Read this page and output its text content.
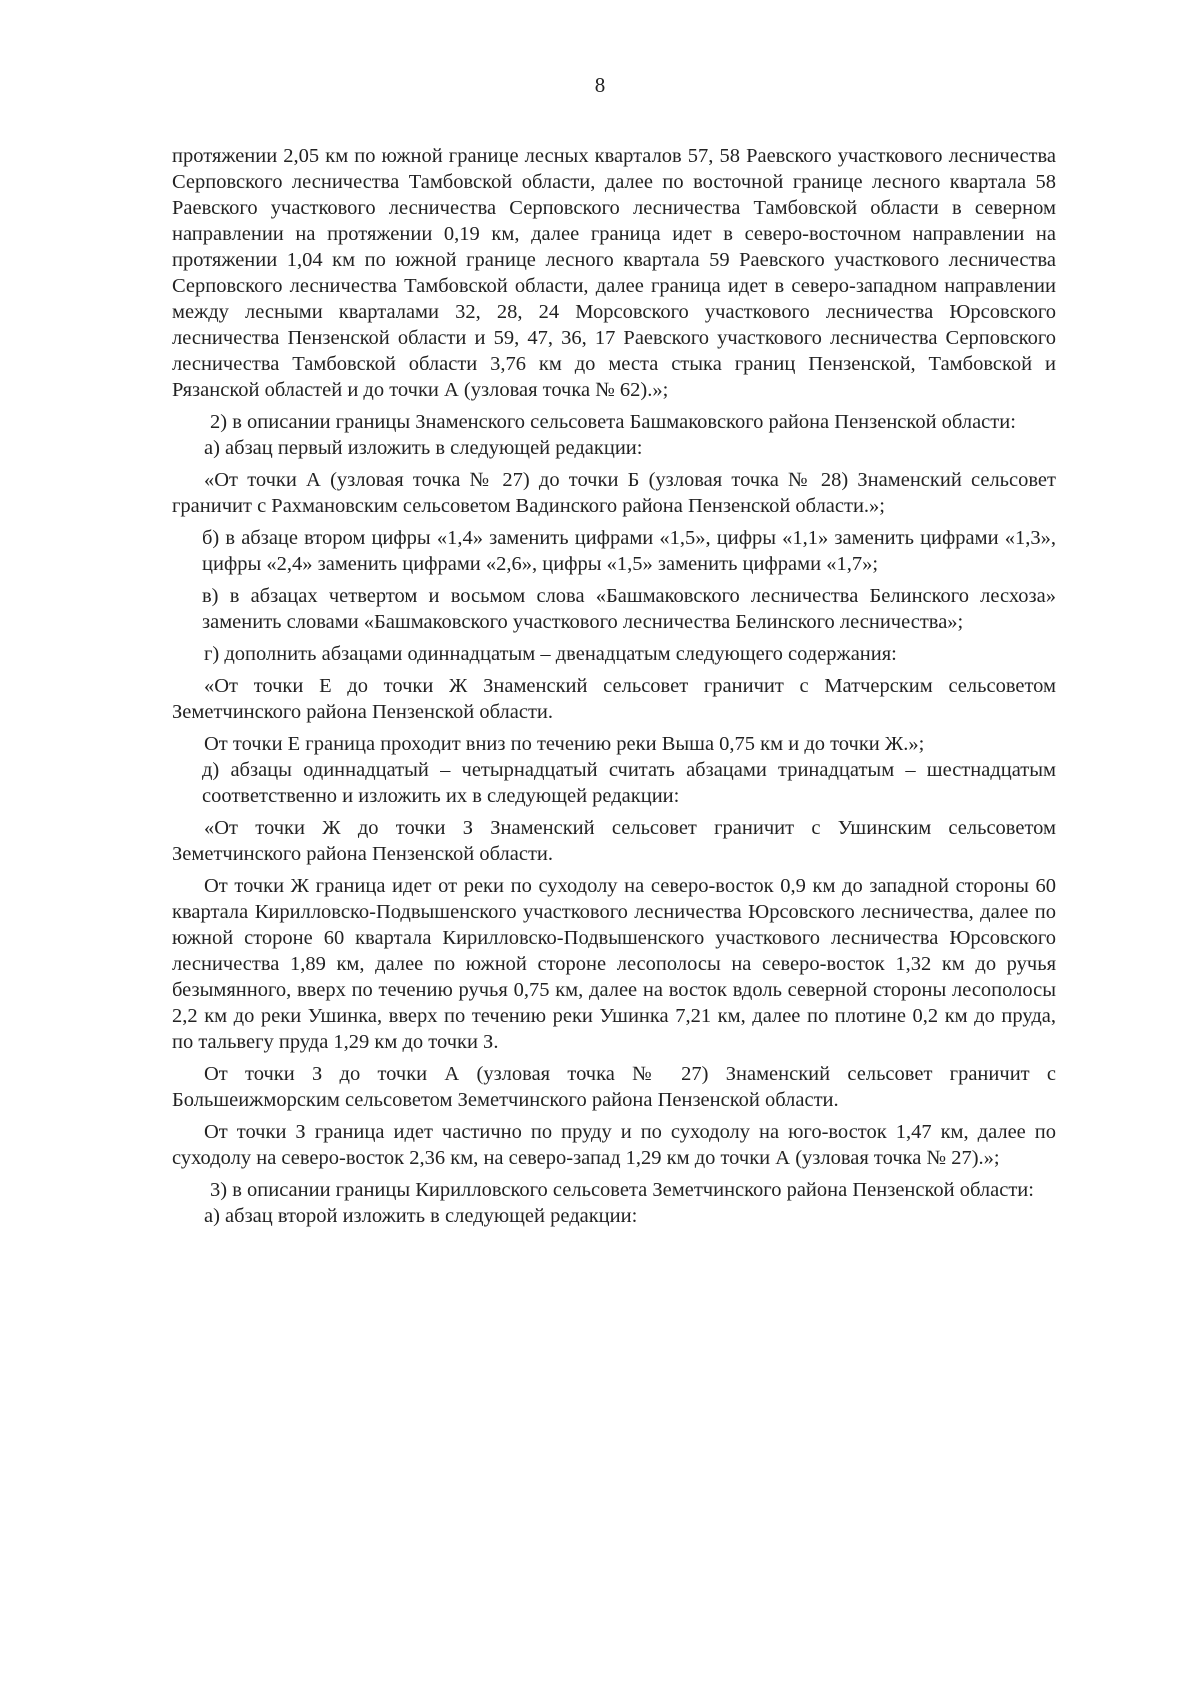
8

протяжении 2,05 км по южной границе лесных кварталов 57, 58 Раевского участкового лесничества Серповского лесничества Тамбовской области, далее по восточной границе лесного квартала 58 Раевского участкового лесничества Серповского лесничества Тамбовской области в северном направлении на протяжении 0,19 км, далее граница идет в северо-восточном направлении на протяжении 1,04 км по южной границе лесного квартала 59 Раевского участкового лесничества Серповского лесничества Тамбовской области, далее граница идет в северо-западном направлении между лесными кварталами 32, 28, 24 Морсовского участкового лесничества Юрсовского лесничества Пензенской области и 59, 47, 36, 17 Раевского участкового лесничества Серповского лесничества Тамбовской области 3,76 км до места стыка границ Пензенской, Тамбовской и Рязанской областей и до точки А (узловая точка № 62).»;

2) в описании границы Знаменского сельсовета Башмаковского района Пензенской области:

а) абзац первый изложить в следующей редакции:

«От точки А (узловая точка № 27) до точки Б (узловая точка № 28) Знаменский сельсовет граничит с Рахмановским сельсоветом Вадинского района Пензенской области.»;

б) в абзаце втором цифры «1,4» заменить цифрами «1,5», цифры «1,1» заменить цифрами «1,3», цифры «2,4» заменить цифрами «2,6», цифры «1,5» заменить цифрами «1,7»;

в) в абзацах четвертом и восьмом слова «Башмаковского лесничества Белинского лесхоза» заменить словами «Башмаковского участкового лесничества Белинского лесничества»;

г) дополнить абзацами одиннадцатым – двенадцатым следующего содержания:

«От точки Е до точки Ж Знаменский сельсовет граничит с Матчерским сельсоветом Земетчинского района Пензенской области.

От точки Е граница проходит вниз по течению реки Выша 0,75 км и до точки Ж.»;

д) абзацы одиннадцатый – четырнадцатый считать абзацами тринадцатым – шестнадцатым соответственно и изложить их в следующей редакции:

«От точки Ж до точки З Знаменский сельсовет граничит с Ушинским сельсоветом Земетчинского района Пензенской области.

От точки Ж граница идет от реки по суходолу на северо-восток 0,9 км до западной стороны 60 квартала Кирилловско-Подвышенского участкового лесничества Юрсовского лесничества, далее по южной стороне 60 квартала Кирилловско-Подвышенского участкового лесничества Юрсовского лесничества 1,89 км, далее по южной стороне лесополосы на северо-восток 1,32 км до ручья безымянного, вверх по течению ручья 0,75 км, далее на восток вдоль северной стороны лесополосы 2,2 км до реки Ушинка, вверх по течению реки Ушинка 7,21 км, далее по плотине 0,2 км до пруда, по тальвегу пруда 1,29 км до точки З.

От точки З до точки А (узловая точка № 27) Знаменский сельсовет граничит с Большеижморским сельсоветом Земетчинского района Пензенской области.

От точки З граница идет частично по пруду и по суходолу на юго-восток 1,47 км, далее по суходолу на северо-восток 2,36 км, на северо-запад 1,29 км до точки А (узловая точка № 27).»;

3) в описании границы Кирилловского сельсовета Земетчинского района Пензенской области:

а) абзац второй изложить в следующей редакции:
